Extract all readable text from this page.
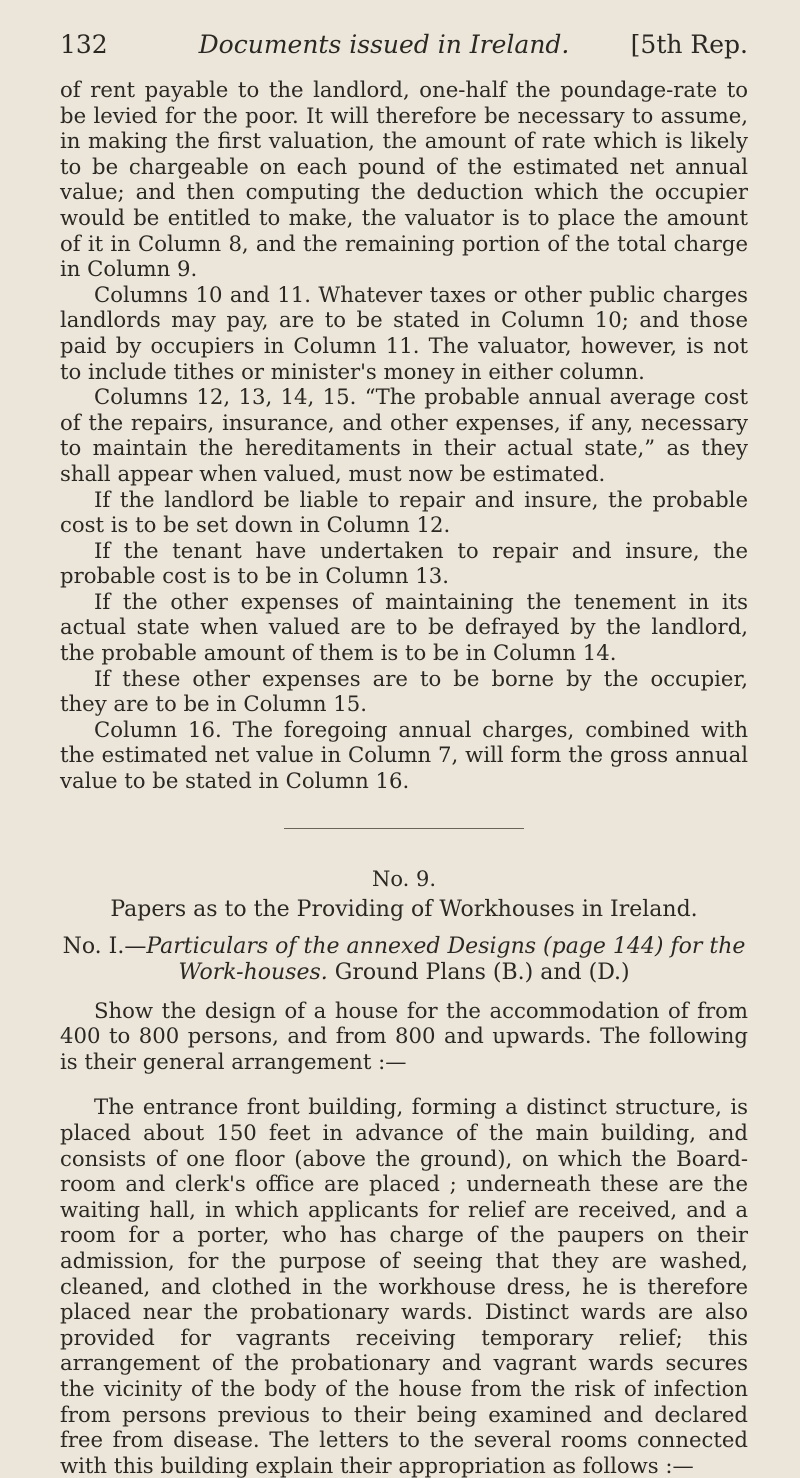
132	Documents issued in Ireland.	[5th Rep.

of rent payable to the landlord, one-half the poundage-rate to be levied for the poor. It will therefore be necessary to assume, in making the first valuation, the amount of rate which is likely to be chargeable on each pound of the estimated net annual value; and then computing the deduction which the occupier would be entitled to make, the valuator is to place the amount of it in Column 8, and the remaining portion of the total charge in Column 9.

Columns 10 and 11. Whatever taxes or other public charges landlords may pay, are to be stated in Column 10; and those paid by occupiers in Column 11. The valuator, however, is not to include tithes or minister's money in either column.

Columns 12, 13, 14, 15. “The probable annual average cost of the repairs, insurance, and other expenses, if any, necessary to maintain the hereditaments in their actual state,” as they shall appear when valued, must now be estimated.

If the landlord be liable to repair and insure, the probable cost is to be set down in Column 12.

If the tenant have undertaken to repair and insure, the probable cost is to be in Column 13.

If the other expenses of maintaining the tenement in its actual state when valued are to be defrayed by the landlord, the probable amount of them is to be in Column 14.

If these other expenses are to be borne by the occupier, they are to be in Column 15.

Column 16. The foregoing annual charges, combined with the estimated net value in Column 7, will form the gross annual value to be stated in Column 16.

No. 9.
Papers as to the Providing of Workhouses in Ireland.
No. I.—Particulars of the annexed Designs (page 144) for the Work-houses. Ground Plans (B.) and (D.)

Show the design of a house for the accommodation of from 400 to 800 persons, and from 800 and upwards. The following is their general arrangement :—

The entrance front building, forming a distinct structure, is placed about 150 feet in advance of the main building, and consists of one floor (above the ground), on which the Board-room and clerk's office are placed ; underneath these are the waiting hall, in which applicants for relief are received, and a room for a porter, who has charge of the paupers on their admission, for the purpose of seeing that they are washed, cleaned, and clothed in the workhouse dress, he is therefore placed near the probationary wards. Distinct wards are also provided for vagrants receiving temporary relief; this arrangement of the probationary and vagrant wards secures the vicinity of the body of the house from the risk of infection from persons previous to their being examined and declared free from disease. The letters to the several rooms connected with this building explain their appropriation as follows :—
